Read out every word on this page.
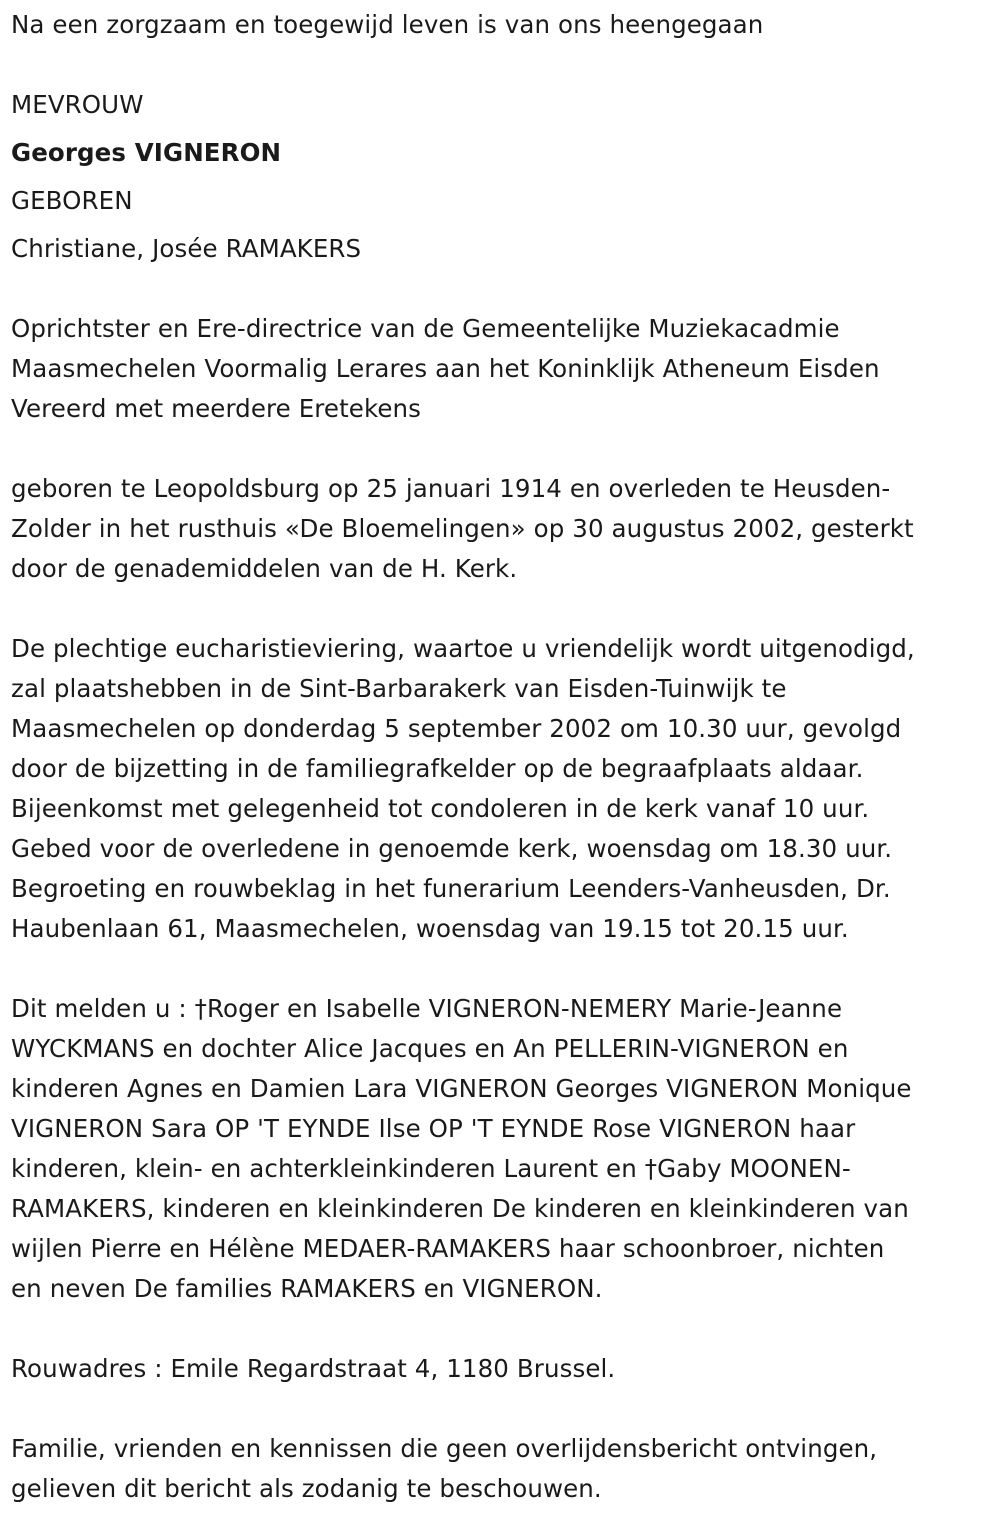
Na een zorgzaam en toegewijd leven is van ons heengegaan
MEVROUW
Georges VIGNERON
GEBOREN
Christiane, Josée RAMAKERS
Oprichtster en Ere-directrice van de Gemeentelijke Muziekacadmie
Maasmechelen Voormalig Lerares aan het Koninklijk Atheneum Eisden
Vereerd met meerdere Eretekens
geboren te Leopoldsburg op 25 januari 1914 en overleden te Heusden-
Zolder in het rusthuis «De Bloemelingen» op 30 augustus 2002, gesterkt
door de genademiddelen van de H. Kerk.
De plechtige eucharistieviering, waartoe u vriendelijk wordt uitgenodigd,
zal plaatshebben in de Sint-Barbarakerk van Eisden-Tuinwijk te
Maasmechelen op donderdag 5 september 2002 om 10.30 uur, gevolgd
door de bijzetting in de familiegrafkelder op de begraafplaats aldaar.
Bijeenkomst met gelegenheid tot condoleren in de kerk vanaf 10 uur.
Gebed voor de overledene in genoemde kerk, woensdag om 18.30 uur.
Begroeting en rouwbeklag in het funerarium Leenders-Vanheusden, Dr.
Haubenlaan 61, Maasmechelen, woensdag van 19.15 tot 20.15 uur.
Dit melden u : †Roger en Isabelle VIGNERON-NEMERY Marie-Jeanne
WYCKMANS en dochter Alice Jacques en An PELLERIN-VIGNERON en
kinderen Agnes en Damien Lara VIGNERON Georges VIGNERON Monique
VIGNERON Sara OP 'T EYNDE Ilse OP 'T EYNDE Rose VIGNERON haar
kinderen, klein- en achterkleinkinderen Laurent en †Gaby MOONEN-
RAMAKERS, kinderen en kleinkinderen De kinderen en kleinkinderen van
wijlen Pierre en Hélène MEDAER-RAMAKERS haar schoonbroer, nichten
en neven De families RAMAKERS en VIGNERON.
Rouwadres : Emile Regardstraat 4, 1180 Brussel.
Familie, vrienden en kennissen die geen overlijdensbericht ontvingen,
gelieven dit bericht als zodanig te beschouwen.
